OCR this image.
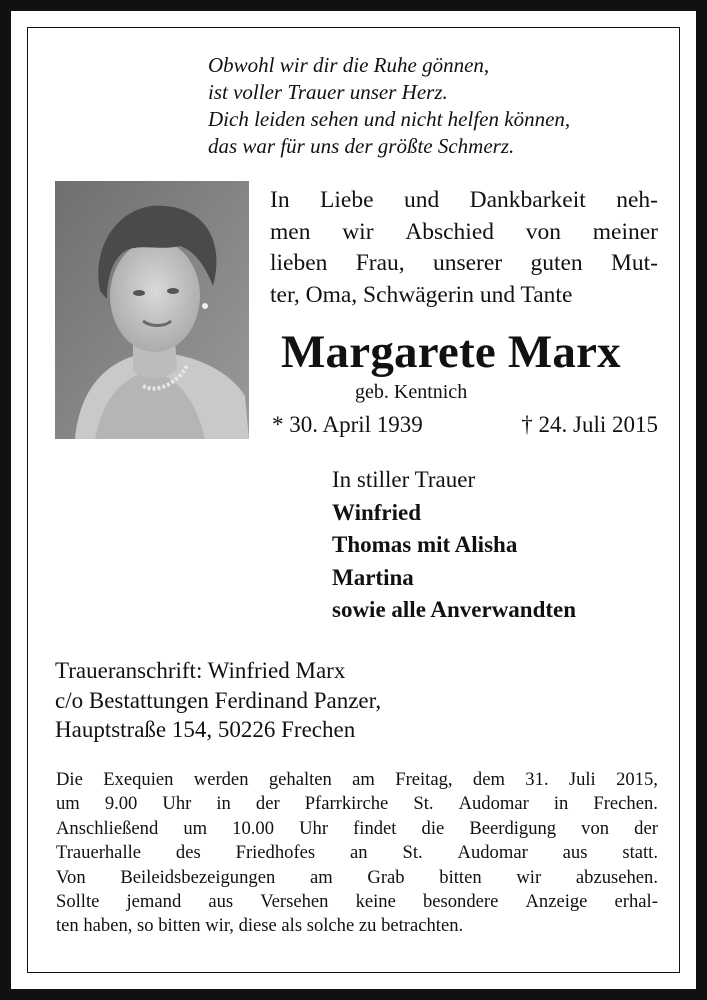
Obwohl wir dir die Ruhe gönnen,
ist voller Trauer unser Herz.
Dich leiden sehen und nicht helfen können,
das war für uns der größte Schmerz.
In Liebe und Dankbarkeit neh-
men wir Abschied von meiner
lieben Frau, unserer guten Mut-
ter, Oma, Schwägerin und Tante
Margarete Marx
geb. Kentnich
* 30. April 1939	† 24. Juli 2015
In stiller Trauer
Winfried
Thomas mit Alisha
Martina
sowie alle Anverwandten
Traueranschrift: Winfried Marx
c/o Bestattungen Ferdinand Panzer,
Hauptstraße 154, 50226 Frechen
Die Exequien werden gehalten am Freitag, dem 31. Juli 2015,
um 9.00 Uhr in der Pfarrkirche St. Audomar in Frechen.
Anschließend um 10.00 Uhr findet die Beerdigung von der
Trauerhalle des Friedhofes an St. Audomar aus statt.
Von Beileidsbezeigungen am Grab bitten wir abzusehen.
Sollte jemand aus Versehen keine besondere Anzeige erhal-
ten haben, so bitten wir, diese als solche zu betrachten.
